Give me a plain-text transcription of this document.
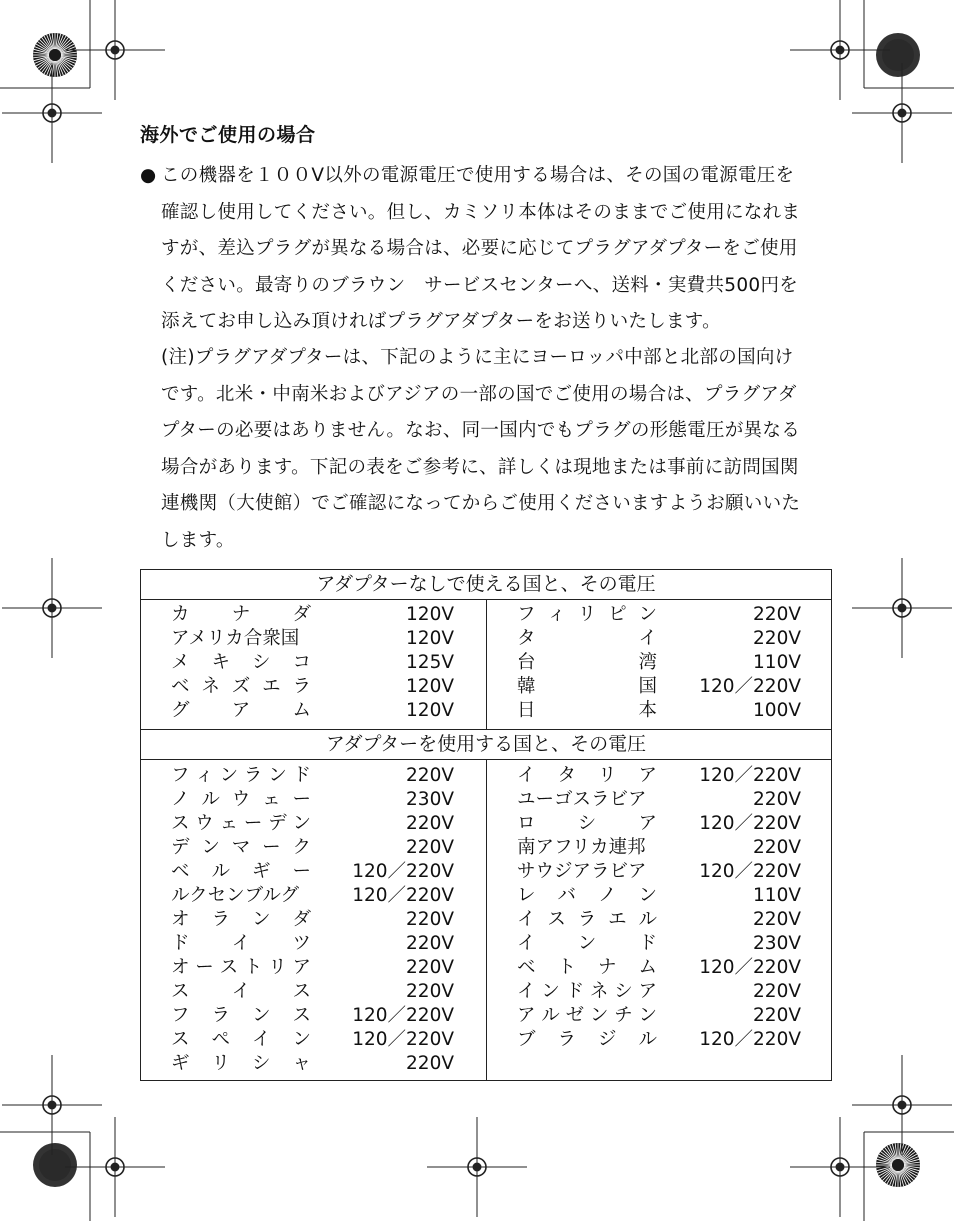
海外でご使用の場合
● この機器を１００V以外の電源電圧で使用する場合は、その国の電源電圧を
確認し使用してください。但し、カミソリ本体はそのままでご使用になれま
すが、差込プラグが異なる場合は、必要に応じてプラグアダプターをご使用
ください。最寄りのブラウン　サービスセンターへ、送料・実費共500円を
添えてお申し込み頂ければプラグアダプターをお送りいたします。
(注)プラグアダプターは、下記のように主にヨーロッパ中部と北部の国向け
です。北米・中南米およびアジアの一部の国でご使用の場合は、プラグアダ
プターの必要はありません。なお、同一国内でもプラグの形態電圧が異なる
場合があります。下記の表をご参考に、詳しくは現地または事前に訪問国関
連機関（大使館）でご確認になってからご使用くださいますようお願いいた
します。
アダプターなしで使える国と、その電圧
カ ナ ダ	120V
アメリカ合衆国	120V
メ キ シ コ	125V
ベ ネ ズ エ ラ	120V
グ ア ム	120V
フ ィ リ ピ ン	220V
タ	イ	220V
台	湾	110V
韓	国 120／220V
日	本	100V
アダプターを使用する国と、その電圧
フ ィ ン ラ ン ド	220V
ノ ル ウ ェ ー	230V
ス ウ ェ ー デ ン	220V
デ ン マ ー ク	220V
ベ ル ギ ー 120／220V
ルクセンブルグ	120／220V
オ ラ ン ダ	220V
ド イ ツ	220V
オ ー ス ト リ ア	220V
ス イ ス	220V
フ ラ ン ス 120／220V
ス ペ イ ン 120／220V
ギ リ シ ャ	220V
イ タ リ ア 120／220V
ユーゴスラビア	220V
ロ シ ア 120／220V
南アフリカ連邦	220V
サウジアラビア	120／220V
レ バ ノ ン	110V
イ ス ラ エ ル	220V
イ ン ド	230V
ベ ト ナ ム 120／220V
イ ン ド ネ シ ア	220V
ア ル ゼ ン チ ン	220V
ブ ラ ジ ル 120／220V
